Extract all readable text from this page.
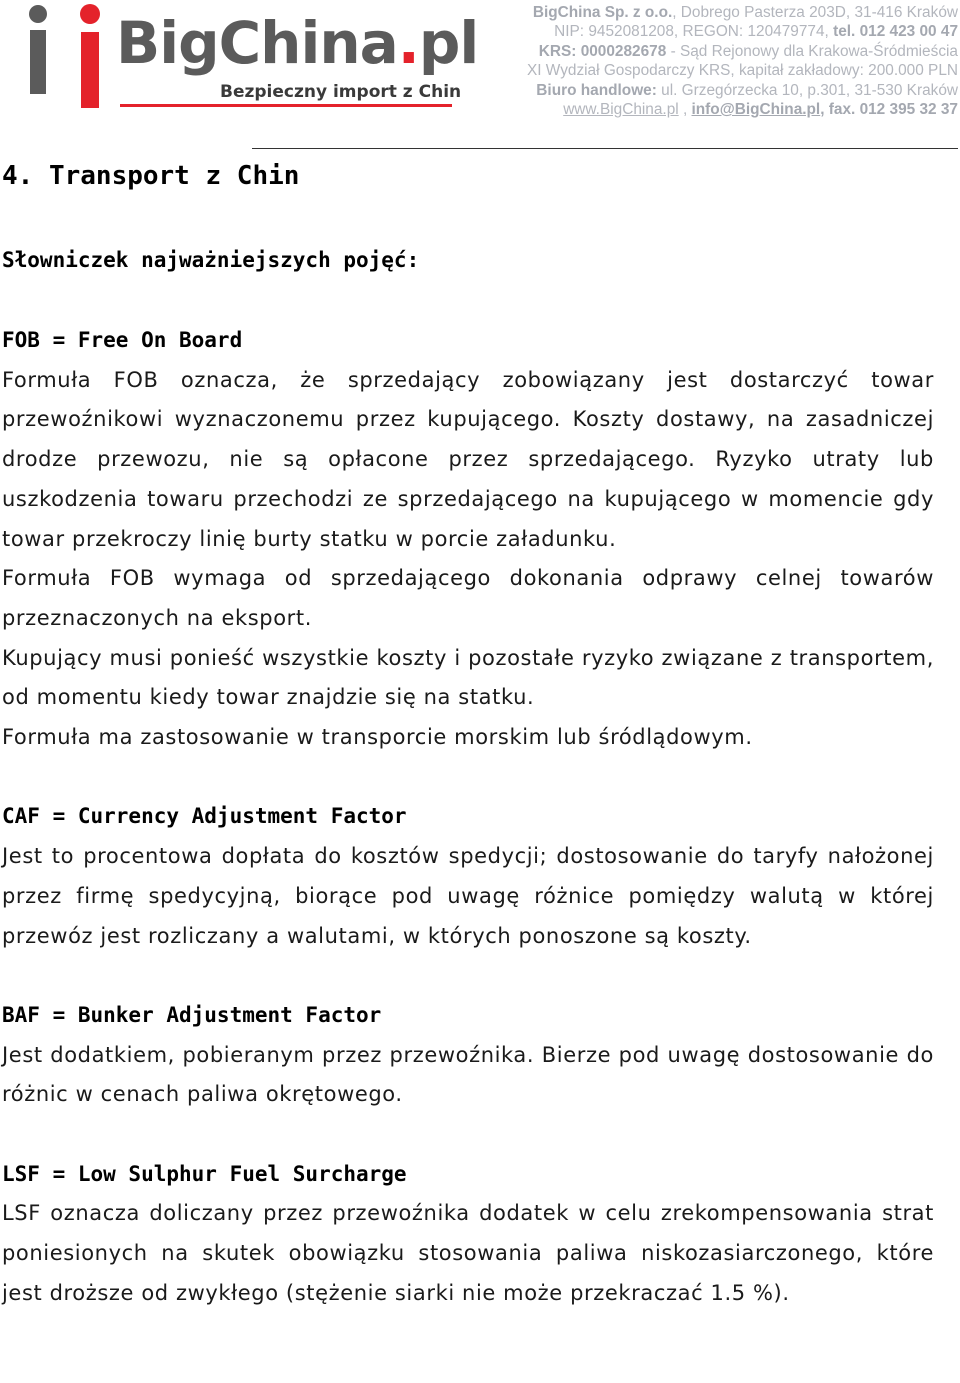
BigChina.pl
Bezpieczny import z Chin
BigChina Sp. z o.o., Dobrego Pasterza 203D, 31-416 Kraków
NIP: 9452081208, REGON: 120479774, tel. 012 423 00 47
KRS: 0000282678 - Sąd Rejonowy dla Krakowa-Śródmieścia
XI Wydział Gospodarczy KRS, kapitał zakładowy: 200.000 PLN
Biuro handlowe: ul. Grzegórzecka 10, p.301, 31-530 Kraków
www.BigChina.pl , info@BigChina.pl, fax. 012 395 32 37

4. Transport z Chin

Słowniczek najważniejszych pojęć:

FOB = Free On Board

Formuła FOB oznacza, że sprzedający zobowiązany jest dostarczyć towar przewoźnikowi wyznaczonemu przez kupującego. Koszty dostawy, na zasadniczej drodze przewozu, nie są opłacone przez sprzedającego. Ryzyko utraty lub uszkodzenia towaru przechodzi ze sprzedającego na kupującego w momencie gdy towar przekroczy linię burty statku w porcie załadunku.

Formuła FOB wymaga od sprzedającego dokonania odprawy celnej towarów przeznaczonych na eksport.

Kupujący musi ponieść wszystkie koszty i pozostałe ryzyko związane z transportem, od momentu kiedy towar znajdzie się na statku.

Formuła ma zastosowanie w transporcie morskim lub śródlądowym.

CAF = Currency Adjustment Factor

Jest to procentowa dopłata do kosztów spedycji; dostosowanie do taryfy nałożonej przez firmę spedycyjną, biorące pod uwagę różnice pomiędzy walutą w której przewóz jest rozliczany a walutami, w których ponoszone są koszty.

BAF = Bunker Adjustment Factor

Jest dodatkiem, pobieranym przez przewoźnika. Bierze pod uwagę dostosowanie do różnic w cenach paliwa okrętowego.

LSF = Low Sulphur Fuel Surcharge

LSF oznacza doliczany przez przewoźnika dodatek w celu zrekompensowania strat poniesionych na skutek obowiązku stosowania paliwa niskozasiarczonego, które jest droższe od zwykłego (stężenie siarki nie może przekraczać 1.5 %).
